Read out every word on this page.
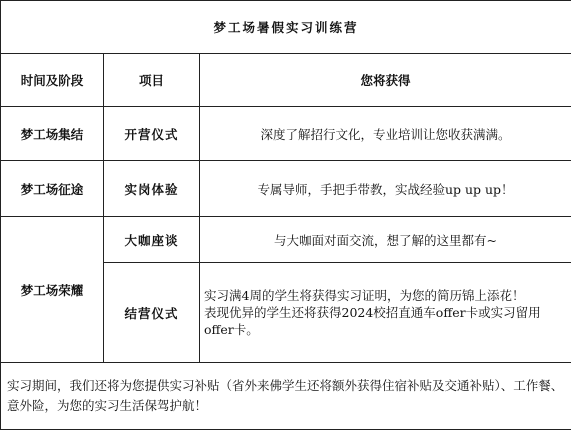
梦工场暑假实习训练营		
时间及阶段	项目	您将获得
梦工场集结	开营仪式	深度了解招行文化，专业培训让您收获满满。
梦工场征途	实岗体验	专属导师，手把手带教，实战经验up up up！
梦工场荣耀	大咖座谈	与大咖面对面交流，想了解的这里都有~
	结营仪式	实习满4周的学生将获得实习证明，为您的简历锦上添花！
表现优异的学生还将获得2024校招直通车offer卡或实习留用offer卡。

实习期间，我们还将为您提供实习补贴（省外来佛学生还将额外获得住宿补贴及交通补贴）、工作餐、意外险，为您的实习生活保驾护航！		
